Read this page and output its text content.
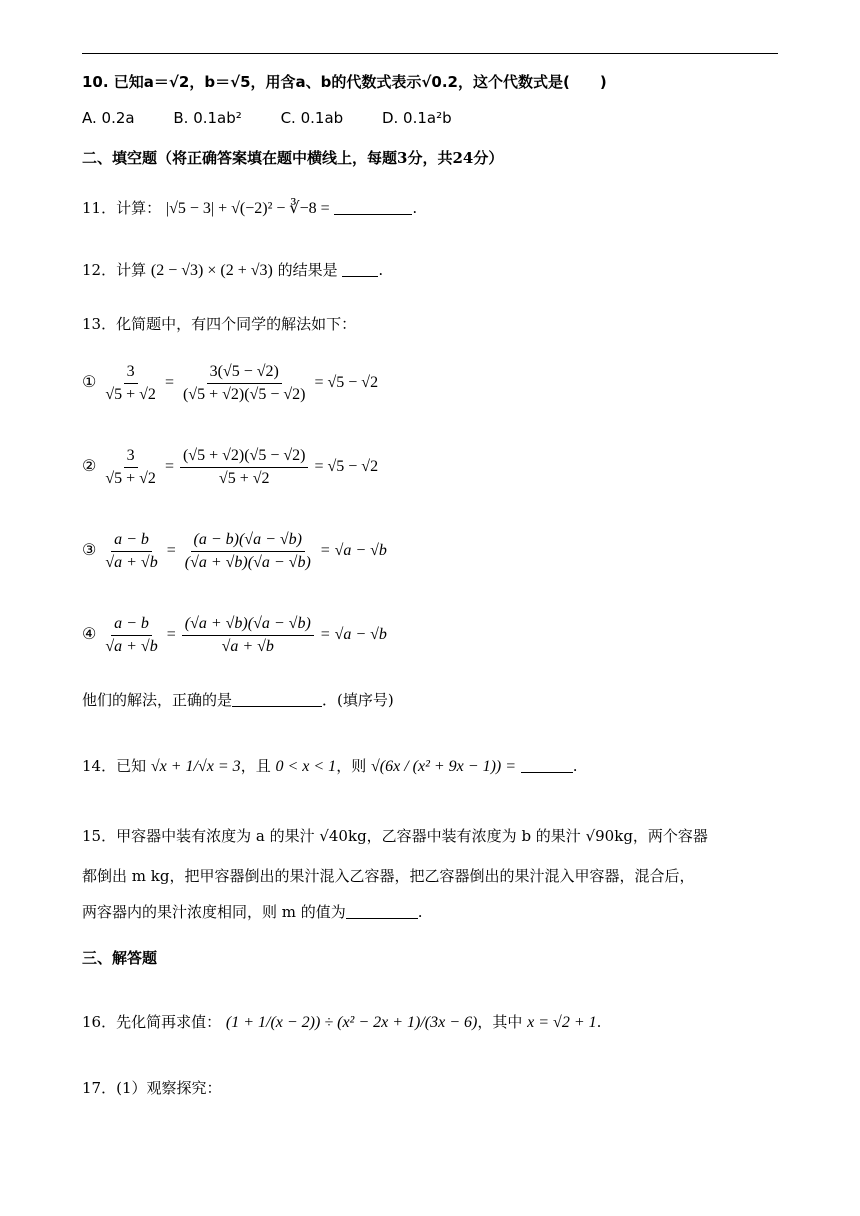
10. 已知a＝√2，b＝√5，用含a、b的代数式表示√0.2，这个代数式是(　　)
A. 0.2a	B. 0.1ab²	C. 0.1ab	D. 0.1a²b
二、填空题（将正确答案填在题中横线上，每题3分，共24分）
11．计算： |√5 − 3| + √(−2)² − ∛−8 =	.
12．计算 (2 − √3) × (2 + √3) 的结果是	.
13．化简题中，有四个同学的解法如下：
① $\frac{3}{√5 + √2} = \frac{3(√5 - √2)}{(√5 + √2)(√5 - √2)} = √5 - √2$
② $\frac{3}{√5 + √2} = \frac{(√5 + √2)(√5 - √2)}{√5 + √2} = √5 - √2$
③ $\frac{a - b}{√a + √b} = \frac{(a - b)(√a - √b)}{(√a + √b)(√a - √b)} = √a - √b$
④ $\frac{a - b}{√a + √b} = \frac{(√a + √b)(√a - √b)}{√a + √b} = √a - √b$
他们的解法，正确的是	．(填序号)
14．已知 √x + 1/√x = 3，且 0 < x < 1，则 √(6x / (x² + 9x − 1)) =	.
15．甲容器中装有浓度为 a 的果汁 √40kg，乙容器中装有浓度为 b 的果汁 √90kg，两个容器
都倒出 m kg，把甲容器倒出的果汁混入乙容器，把乙容器倒出的果汁混入甲容器，混合后，
两容器内的果汁浓度相同，则 m 的值为	.
三、解答题
16．先化简再求值： (1 + 1/(x − 2)) ÷ (x² − 2x + 1)/(3x − 6)，其中 x = √2 + 1.
17．(1）观察探究：
